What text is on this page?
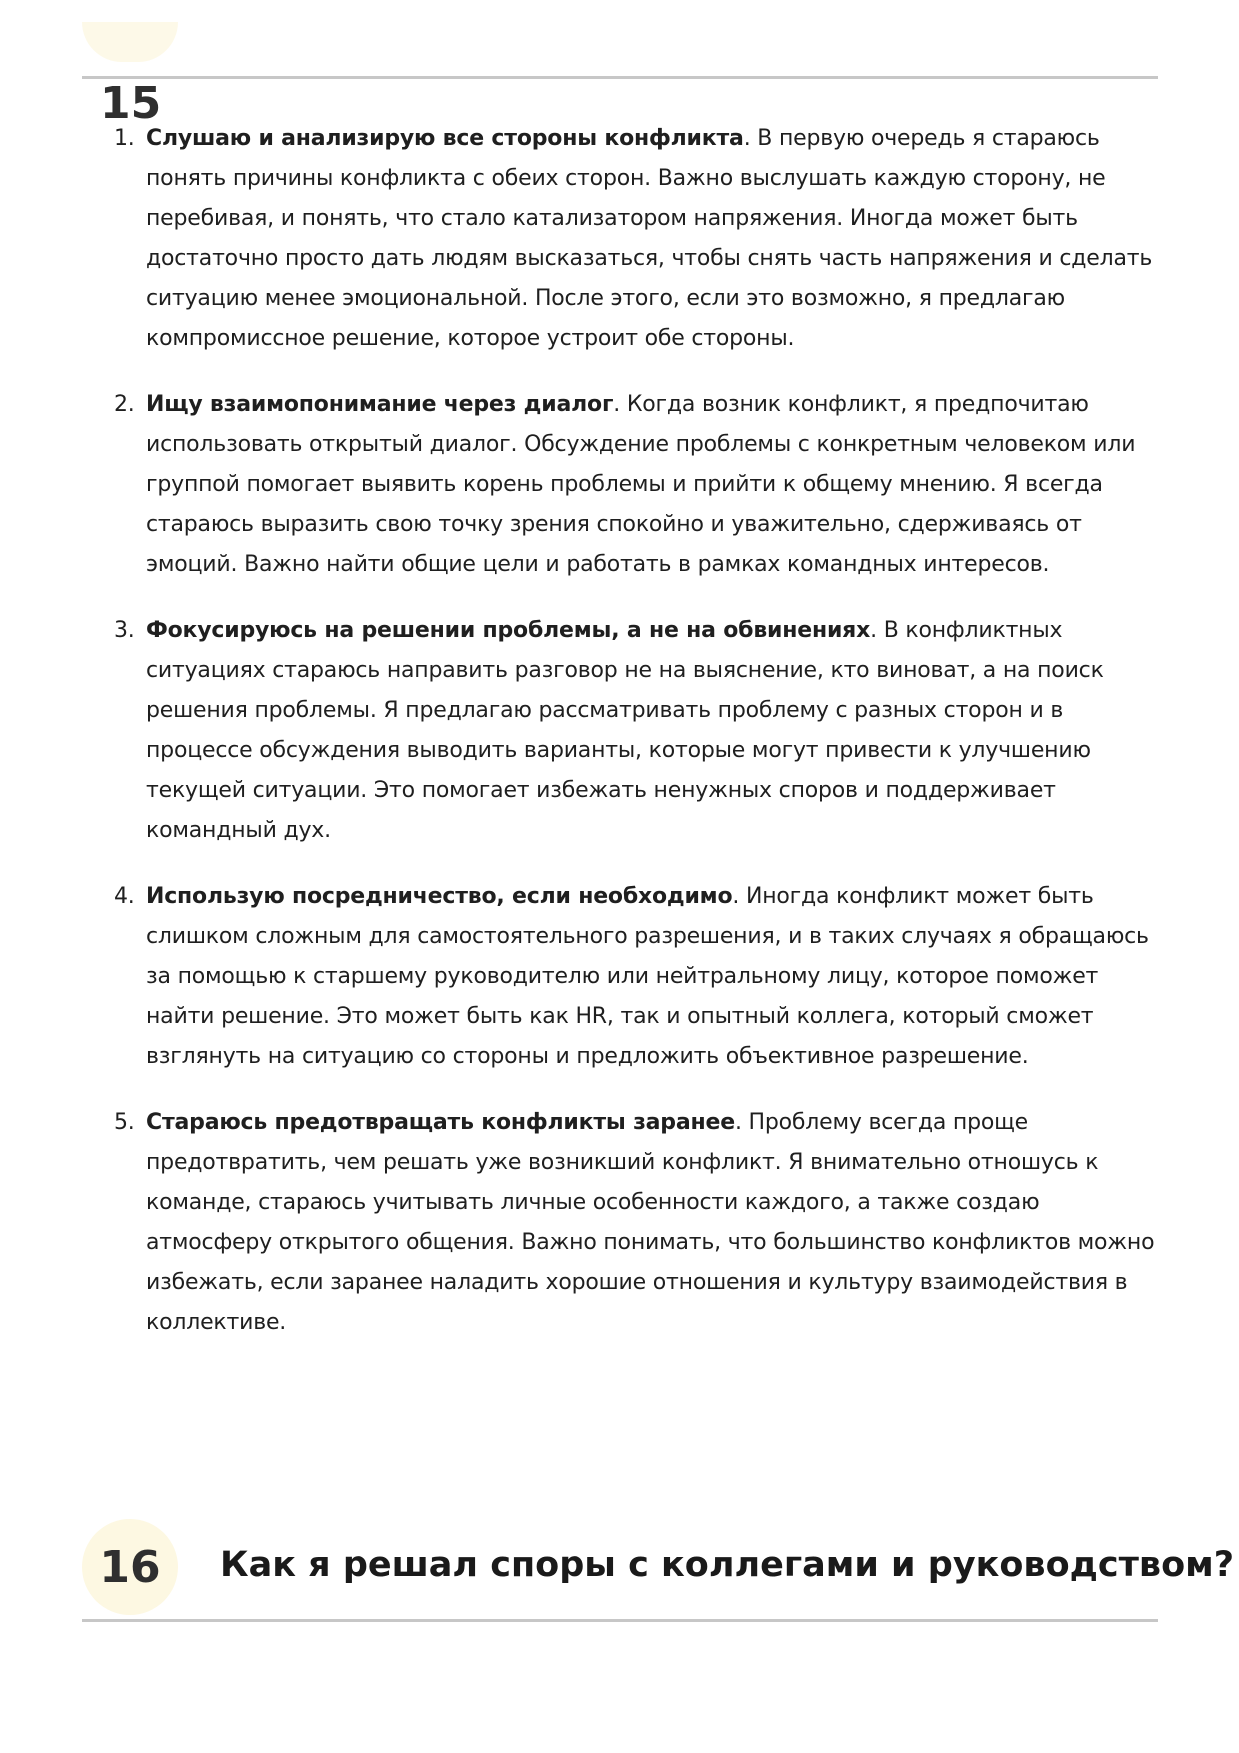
15
1. Слушаю и анализирую все стороны конфликта. В первую очередь я стараюсь понять причины конфликта с обеих сторон. Важно выслушать каждую сторону, не перебивая, и понять, что стало катализатором напряжения. Иногда может быть достаточно просто дать людям высказаться, чтобы снять часть напряжения и сделать ситуацию менее эмоциональной. После этого, если это возможно, я предлагаю компромиссное решение, которое устроит обе стороны.
2. Ищу взаимопонимание через диалог. Когда возник конфликт, я предпочитаю использовать открытый диалог. Обсуждение проблемы с конкретным человеком или группой помогает выявить корень проблемы и прийти к общему мнению. Я всегда стараюсь выразить свою точку зрения спокойно и уважительно, сдерживаясь от эмоций. Важно найти общие цели и работать в рамках командных интересов.
3. Фокусируюсь на решении проблемы, а не на обвинениях. В конфликтных ситуациях стараюсь направить разговор не на выяснение, кто виноват, а на поиск решения проблемы. Я предлагаю рассматривать проблему с разных сторон и в процессе обсуждения выводить варианты, которые могут привести к улучшению текущей ситуации. Это помогает избежать ненужных споров и поддерживает командный дух.
4. Использую посредничество, если необходимо. Иногда конфликт может быть слишком сложным для самостоятельного разрешения, и в таких случаях я обращаюсь за помощью к старшему руководителю или нейтральному лицу, которое поможет найти решение. Это может быть как HR, так и опытный коллега, который сможет взглянуть на ситуацию со стороны и предложить объективное разрешение.
5. Стараюсь предотвращать конфликты заранее. Проблему всегда проще предотвратить, чем решать уже возникший конфликт. Я внимательно отношусь к команде, стараюсь учитывать личные особенности каждого, а также создаю атмосферу открытого общения. Важно понимать, что большинство конфликтов можно избежать, если заранее наладить хорошие отношения и культуру взаимодействия в коллективе.
16 Как я решал споры с коллегами и руководством?
